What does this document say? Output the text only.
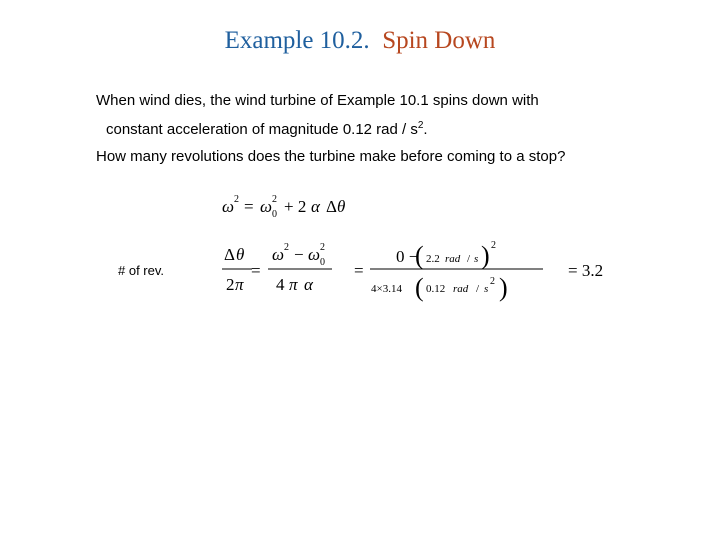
Example 10.2. Spin Down
When wind dies, the wind turbine of Example 10.1 spins down with
constant acceleration of magnitude 0.12 rad / $s^2$.
How many revolutions does the turbine make before coming to a stop?
# of rev.
ω 2 = ω 2
0 + 2 α Δ θ
Δ θ
2 π
=
ω 2 − ω 2
0
4 π α
=
0 −
( 2.2 rad / s ) 2
4×3.14 ( 0.12 rad / s
2 )
= 3.2
